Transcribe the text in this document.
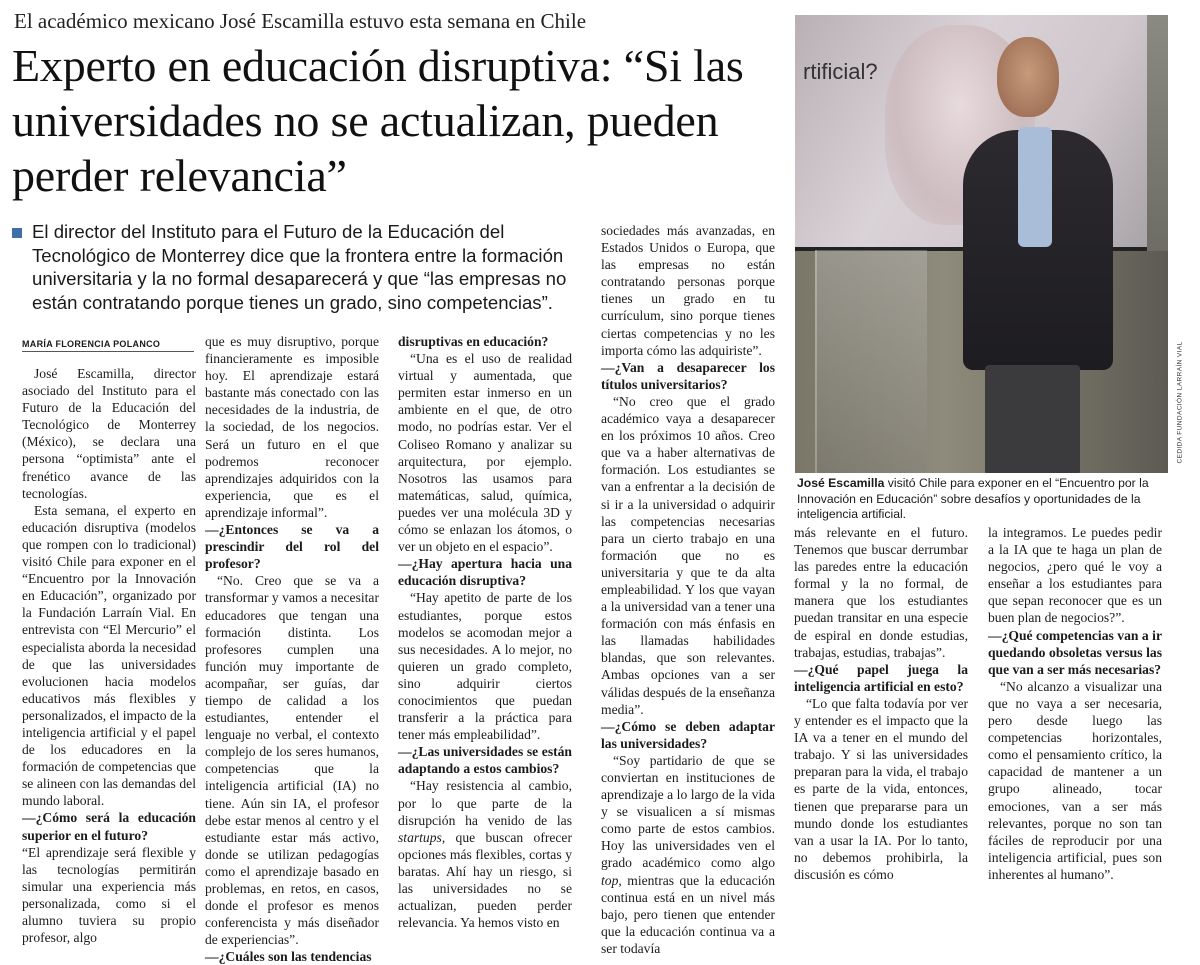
El académico mexicano José Escamilla estuvo esta semana en Chile
Experto en educación disruptiva: “Si las universidades no se actualizan, pueden perder relevancia”
El director del Instituto para el Futuro de la Educación del Tecnológico de Monterrey dice que la frontera entre la formación universitaria y la no formal desaparecerá y que “las empresas no están contratando porque tienes un grado, sino competencias”.
MARÍA FLORENCIA POLANCO

José Escamilla, director asociado del Instituto para el Futuro de la Educación del Tecnológico de Monterrey (México), se declara una persona “optimista” ante el frenético avance de las tecnologías.

Esta semana, el experto en educación disruptiva (modelos que rompen con lo tradicional) visitó Chile para exponer en el “Encuentro por la Innovación en Educación”, organizado por la Fundación Larraín Vial. En entrevista con “El Mercurio” el especialista aborda la necesidad de que las universidades evolucionen hacia modelos educativos más flexibles y personalizados, el impacto de la inteligencia artificial y el papel de los educadores en la formación de competencias que se alineen con las demandas del mundo laboral.

—¿Cómo será la educación superior en el futuro?

“El aprendizaje será flexible y las tecnologías permitirán simular una experiencia más personalizada, como si el alumno tuviera su propio profesor, algo

que es muy disruptivo, porque financieramente es imposible hoy. El aprendizaje estará bastante más conectado con las necesidades de la industria, de la sociedad, de los negocios. Será un futuro en el que podremos reconocer aprendizajes adquiridos con la experiencia, que es el aprendizaje informal”.

—¿Entonces se va a prescindir del rol del profesor?

“No. Creo que se va a transformar y vamos a necesitar educadores que tengan una formación distinta. Los profesores cumplen una función muy importante de acompañar, ser guías, dar tiempo de calidad a los estudiantes, entender el lenguaje no verbal, el contexto complejo de los seres humanos, competencias que la inteligencia artificial (IA) no tiene. Aún sin IA, el profesor debe estar menos al centro y el estudiante estar más activo, donde se utilizan pedagogías como el aprendizaje basado en problemas, en retos, en casos, donde el profesor es menos conferencista y más diseñador de experiencias”.

—¿Cuáles son las tendencias

disruptivas en educación?

“Una es el uso de realidad virtual y aumentada, que permiten estar inmerso en un ambiente en el que, de otro modo, no podrías estar. Ver el Coliseo Romano y analizar su arquitectura, por ejemplo. Nosotros las usamos para matemáticas, salud, química, puedes ver una molécula 3D y cómo se enlazan los átomos, o ver un objeto en el espacio”.

—¿Hay apertura hacia una educación disruptiva?

“Hay apetito de parte de los estudiantes, porque estos modelos se acomodan mejor a sus necesidades. A lo mejor, no quieren un grado completo, sino adquirir ciertos conocimientos que puedan transferir a la práctica para tener más empleabilidad”.

—¿Las universidades se están adaptando a estos cambios?

“Hay resistencia al cambio, por lo que parte de la disrupción ha venido de las startups, que buscan ofrecer opciones más flexibles, cortas y baratas. Ahí hay un riesgo, si las universidades no se actualizan, pueden perder relevancia. Ya hemos visto en

sociedades más avanzadas, en Estados Unidos o Europa, que las empresas no están contratando personas porque tienes un grado en tu currículum, sino porque tienes ciertas competencias y no les importa cómo las adquiriste”.

—¿Van a desaparecer los títulos universitarios?

“No creo que el grado académico vaya a desaparecer en los próximos 10 años. Creo que va a haber alternativas de formación. Los estudiantes se van a enfrentar a la decisión de si ir a la universidad o adquirir las competencias necesarias para un cierto trabajo en una formación que no es universitaria y que te da alta empleabilidad. Y los que vayan a la universidad van a tener una formación con más énfasis en las llamadas habilidades blandas, que son relevantes. Ambas opciones van a ser válidas después de la enseñanza media”.

—¿Cómo se deben adaptar las universidades?

“Soy partidario de que se conviertan en instituciones de aprendizaje a lo largo de la vida y se visualicen a sí mismas como parte de estos cambios. Hoy las universidades ven el grado académico como algo top, mientras que la educación continua está en un nivel más bajo, pero tienen que entender que la educación continua va a ser todavía

más relevante en el futuro. Tenemos que buscar derrumbar las paredes entre la educación formal y la no formal, de manera que los estudiantes puedan transitar en una especie de espiral en donde estudias, trabajas, estudias, trabajas”.

—¿Qué papel juega la inteligencia artificial en esto?

“Lo que falta todavía por ver y entender es el impacto que la IA va a tener en el mundo del trabajo. Y si las universidades preparan para la vida, el trabajo es parte de la vida, entonces, tienen que prepararse para un mundo donde los estudiantes van a usar la IA. Por lo tanto, no debemos prohibirla, la discusión es cómo

la integramos. Le puedes pedir a la IA que te haga un plan de negocios, ¿pero qué le voy a enseñar a los estudiantes para que sepan reconocer que es un buen plan de negocios?”.

—¿Qué competencias van a ir quedando obsoletas versus las que van a ser más necesarias?

“No alcanzo a visualizar una que no vaya a ser necesaria, pero desde luego las competencias horizontales, como el pensamiento crítico, la capacidad de mantener a un grupo alineado, tocar emociones, van a ser más relevantes, porque no son tan fáciles de reproducir por una inteligencia artificial, pues son inherentes al humano”.

rtificial?
CEDIDA FUNDACIÓN LARRAÍN VIAL
José Escamilla visitó Chile para exponer en el “Encuentro por la Innovación en Educación” sobre desafíos y oportunidades de la inteligencia artificial.
